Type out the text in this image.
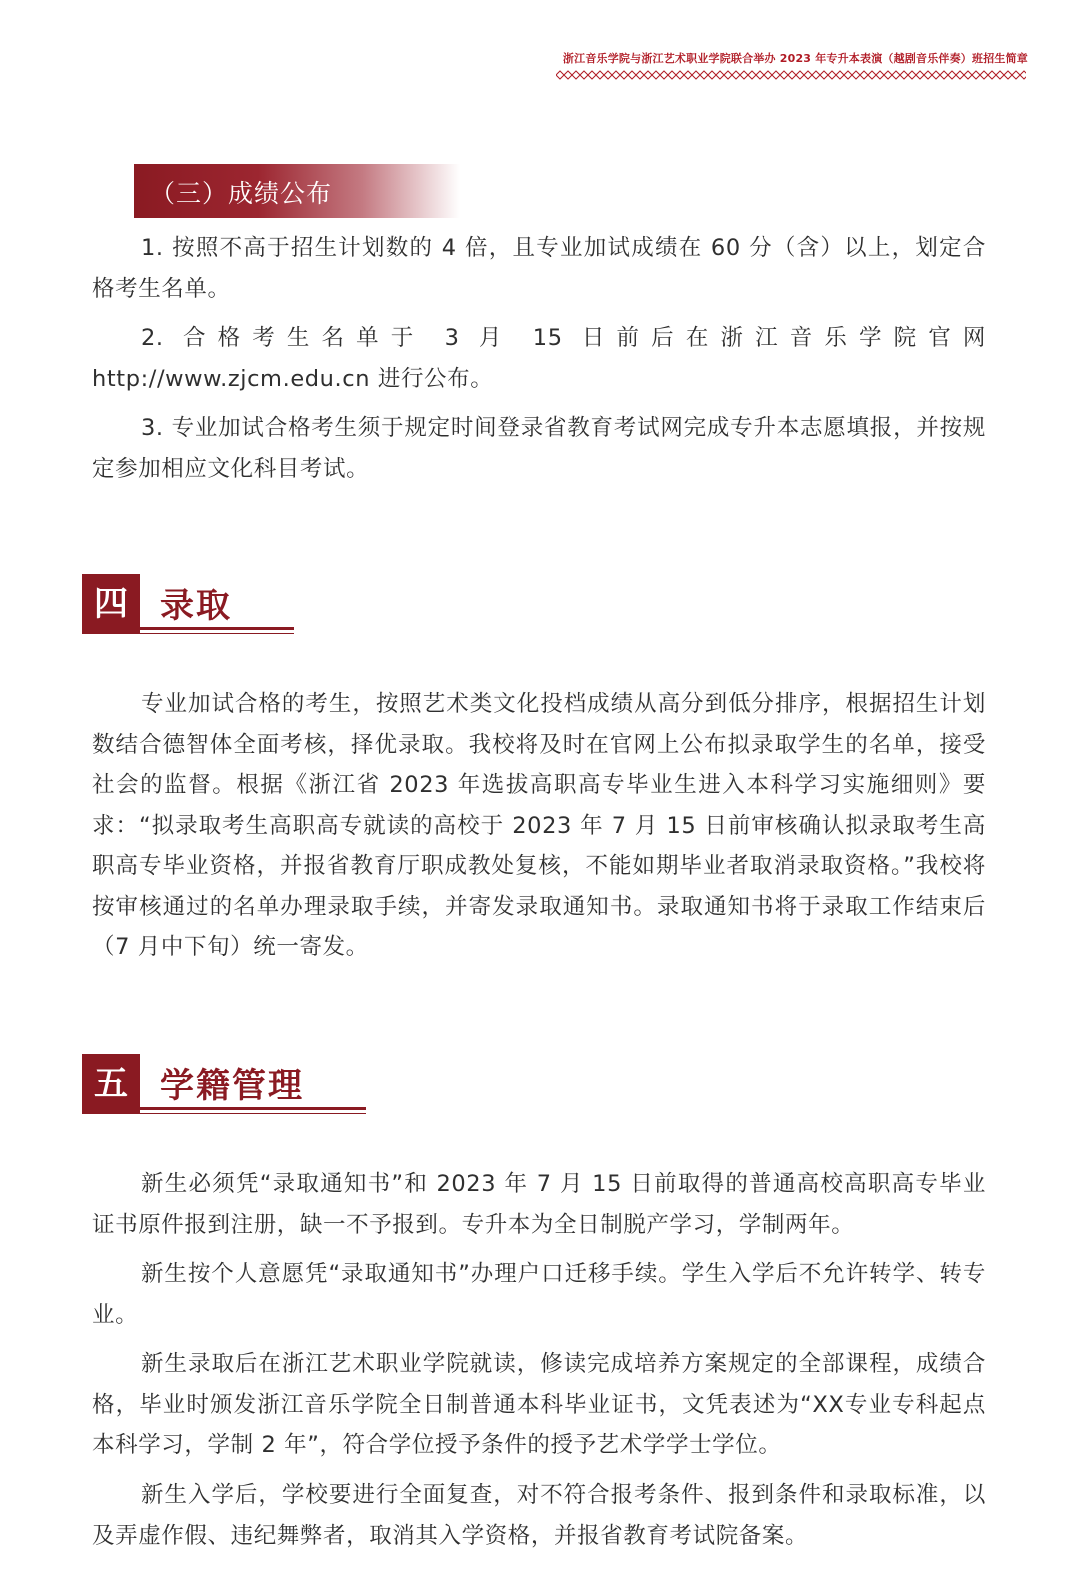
浙江音乐学院与浙江艺术职业学院联合举办 2023 年专升本表演（越剧音乐伴奏）班招生简章
（三）成绩公布

1. 按照不高于招生计划数的 4 倍，且专业加试成绩在 60 分（含）以上，划定合格考生名单。

2. 合格考生名单于 3 月 15 日前后在浙江音乐学院官网 http://www.zjcm.edu.cn 进行公布。

3. 专业加试合格考生须于规定时间登录省教育考试网完成专升本志愿填报，并按规定参加相应文化科目考试。

四 录取

专业加试合格的考生，按照艺术类文化投档成绩从高分到低分排序，根据招生计划数结合德智体全面考核，择优录取。我校将及时在官网上公布拟录取学生的名单，接受社会的监督。根据《浙江省 2023 年选拔高职高专毕业生进入本科学习实施细则》要求：“拟录取考生高职高专就读的高校于 2023 年 7 月 15 日前审核确认拟录取考生高职高专毕业资格，并报省教育厅职成教处复核，不能如期毕业者取消录取资格。”我校将按审核通过的名单办理录取手续，并寄发录取通知书。录取通知书将于录取工作结束后（7 月中下旬）统一寄发。

五 学籍管理

新生必须凭“录取通知书”和 2023 年 7 月 15 日前取得的普通高校高职高专毕业证书原件报到注册，缺一不予报到。专升本为全日制脱产学习，学制两年。

新生按个人意愿凭“录取通知书”办理户口迁移手续。学生入学后不允许转学、转专业。

新生录取后在浙江艺术职业学院就读，修读完成培养方案规定的全部课程，成绩合格，毕业时颁发浙江音乐学院全日制普通本科毕业证书，文凭表述为“XX专业专科起点本科学习，学制 2 年”，符合学位授予条件的授予艺术学学士学位。

新生入学后，学校要进行全面复查，对不符合报考条件、报到条件和录取标准，以及弄虚作假、违纪舞弊者，取消其入学资格，并报省教育考试院备案。
